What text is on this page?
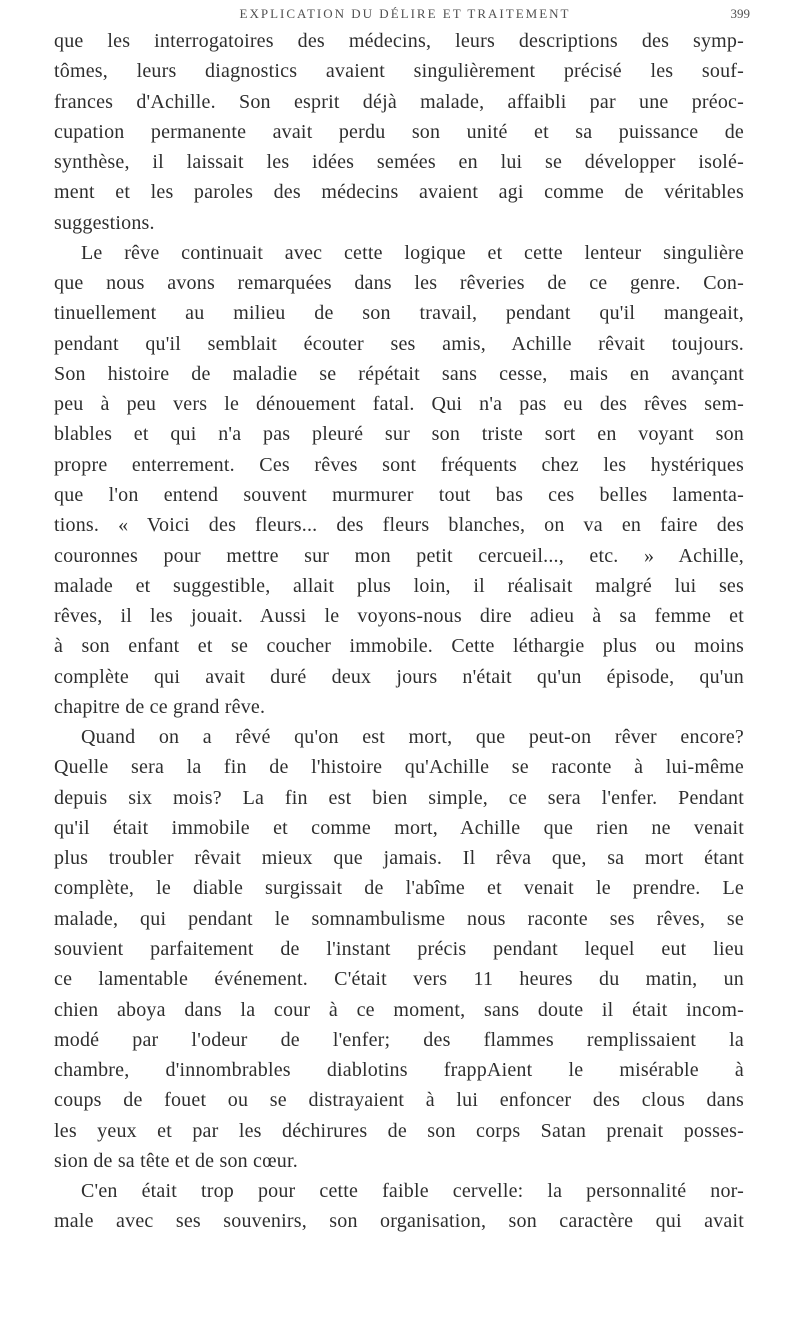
EXPLICATION DU DÉLIRE ET TRAITEMENT	399
que les interrogatoires des médecins, leurs descriptions des symp-
tômes, leurs diagnostics avaient singulièrement précisé les souf-
frances d'Achille. Son esprit déjà malade, affaibli par une préoc-
cupation permanente avait perdu son unité et sa puissance de
synthèse, il laissait les idées semées en lui se développer isolé-
ment et les paroles des médecins avaient agi comme de véritables
suggestions.
Le rêve continuait avec cette logique et cette lenteur singulière
que nous avons remarquées dans les rêveries de ce genre. Con-
tinuellement au milieu de son travail, pendant qu'il mangeait,
pendant qu'il semblait écouter ses amis, Achille rêvait toujours.
Son histoire de maladie se répétait sans cesse, mais en avançant
peu à peu vers le dénouement fatal. Qui n'a pas eu des rêves sem-
blables et qui n'a pas pleuré sur son triste sort en voyant son
propre enterrement. Ces rêves sont fréquents chez les hystériques
que l'on entend souvent murmurer tout bas ces belles lamenta-
tions. « Voici des fleurs... des fleurs blanches, on va en faire des
couronnes pour mettre sur mon petit cercueil..., etc. » Achille,
malade et suggestible, allait plus loin, il réalisait malgré lui ses
rêves, il les jouait. Aussi le voyons-nous dire adieu à sa femme et
à son enfant et se coucher immobile. Cette léthargie plus ou moins
complète qui avait duré deux jours n'était qu'un épisode, qu'un
chapitre de ce grand rêve.
Quand on a rêvé qu'on est mort, que peut-on rêver encore?
Quelle sera la fin de l'histoire qu'Achille se raconte à lui-même
depuis six mois? La fin est bien simple, ce sera l'enfer. Pendant
qu'il était immobile et comme mort, Achille que rien ne venait
plus troubler rêvait mieux que jamais. Il rêva que, sa mort étant
complète, le diable surgissait de l'abîme et venait le prendre. Le
malade, qui pendant le somnambulisme nous raconte ses rêves, se
souvient parfaitement de l'instant précis pendant lequel eut lieu
ce lamentable événement. C'était vers 11 heures du matin, un
chien aboya dans la cour à ce moment, sans doute il était incom-
modé par l'odeur de l'enfer; des flammes remplissaient la
chambre, d'innombrables diablotins frappAient le misérable à
coups de fouet ou se distrayaient à lui enfoncer des clous dans
les yeux et par les déchirures de son corps Satan prenait posses-
sion de sa tête et de son cœur.
C'en était trop pour cette faible cervelle: la personnalité nor-
male avec ses souvenirs, son organisation, son caractère qui avait
